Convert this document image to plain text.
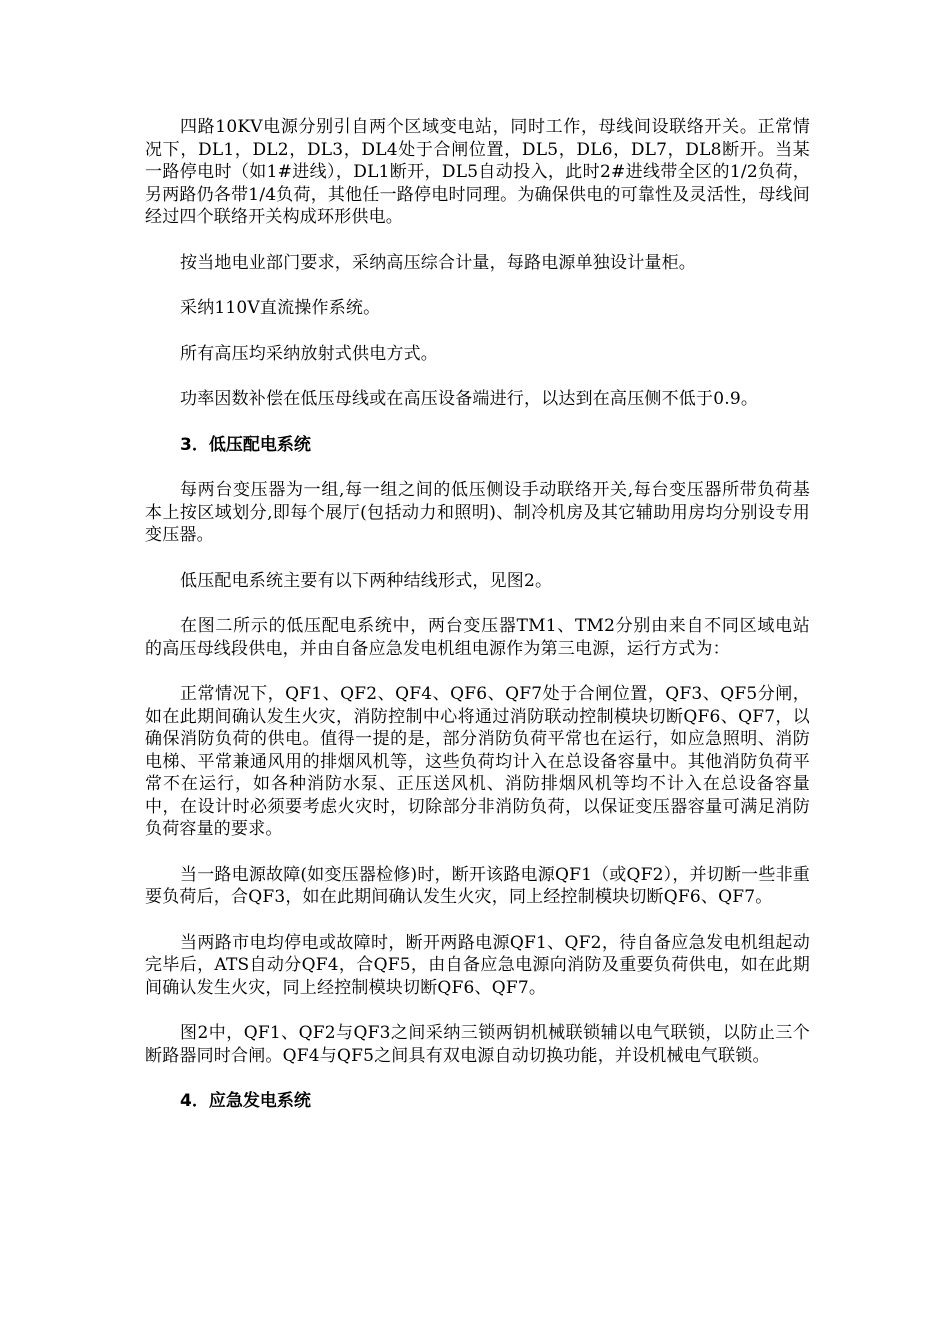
四路10KV电源分别引自两个区域变电站，同时工作，母线间设联络开关。正常情况下，DL1，DL2，DL3，DL4处于合闸位置，DL5，DL6，DL7，DL8断开。当某一路停电时（如1#进线），DL1断开，DL5自动投入，此时2#进线带全区的1/2负荷，另两路仍各带1/4负荷，其他任一路停电时同理。为确保供电的可靠性及灵活性，母线间经过四个联络开关构成环形供电。

按当地电业部门要求，采纳高压综合计量，每路电源单独设计量柜。

采纳110V直流操作系统。

所有高压均采纳放射式供电方式。

功率因数补偿在低压母线或在高压设备端进行，以达到在高压侧不低于0.9。

3．低压配电系统

每两台变压器为一组,每一组之间的低压侧设手动联络开关,每台变压器所带负荷基本上按区域划分,即每个展厅(包括动力和照明)、制冷机房及其它辅助用房均分别设专用变压器。

低压配电系统主要有以下两种结线形式，见图2。

在图二所示的低压配电系统中，两台变压器TM1、TM2分别由来自不同区域电站的高压母线段供电，并由自备应急发电机组电源作为第三电源，运行方式为：

正常情况下，QF1、QF2、QF4、QF6、QF7处于合闸位置，QF3、QF5分闸，如在此期间确认发生火灾，消防控制中心将通过消防联动控制模块切断QF6、QF7，以确保消防负荷的供电。值得一提的是，部分消防负荷平常也在运行，如应急照明、消防电梯、平常兼通风用的排烟风机等，这些负荷均计入在总设备容量中。其他消防负荷平常不在运行，如各种消防水泵、正压送风机、消防排烟风机等均不计入在总设备容量中，在设计时必须要考虑火灾时，切除部分非消防负荷，以保证变压器容量可满足消防负荷容量的要求。

当一路电源故障(如变压器检修)时，断开该路电源QF1（或QF2），并切断一些非重要负荷后，合QF3，如在此期间确认发生火灾，同上经控制模块切断QF6、QF7。

当两路市电均停电或故障时，断开两路电源QF1、QF2，待自备应急发电机组起动完毕后，ATS自动分QF4，合QF5，由自备应急电源向消防及重要负荷供电，如在此期间确认发生火灾，同上经控制模块切断QF6、QF7。

图2中，QF1、QF2与QF3之间采纳三锁两钥机械联锁辅以电气联锁，以防止三个断路器同时合闸。QF4与QF5之间具有双电源自动切换功能，并设机械电气联锁。

4．应急发电系统
